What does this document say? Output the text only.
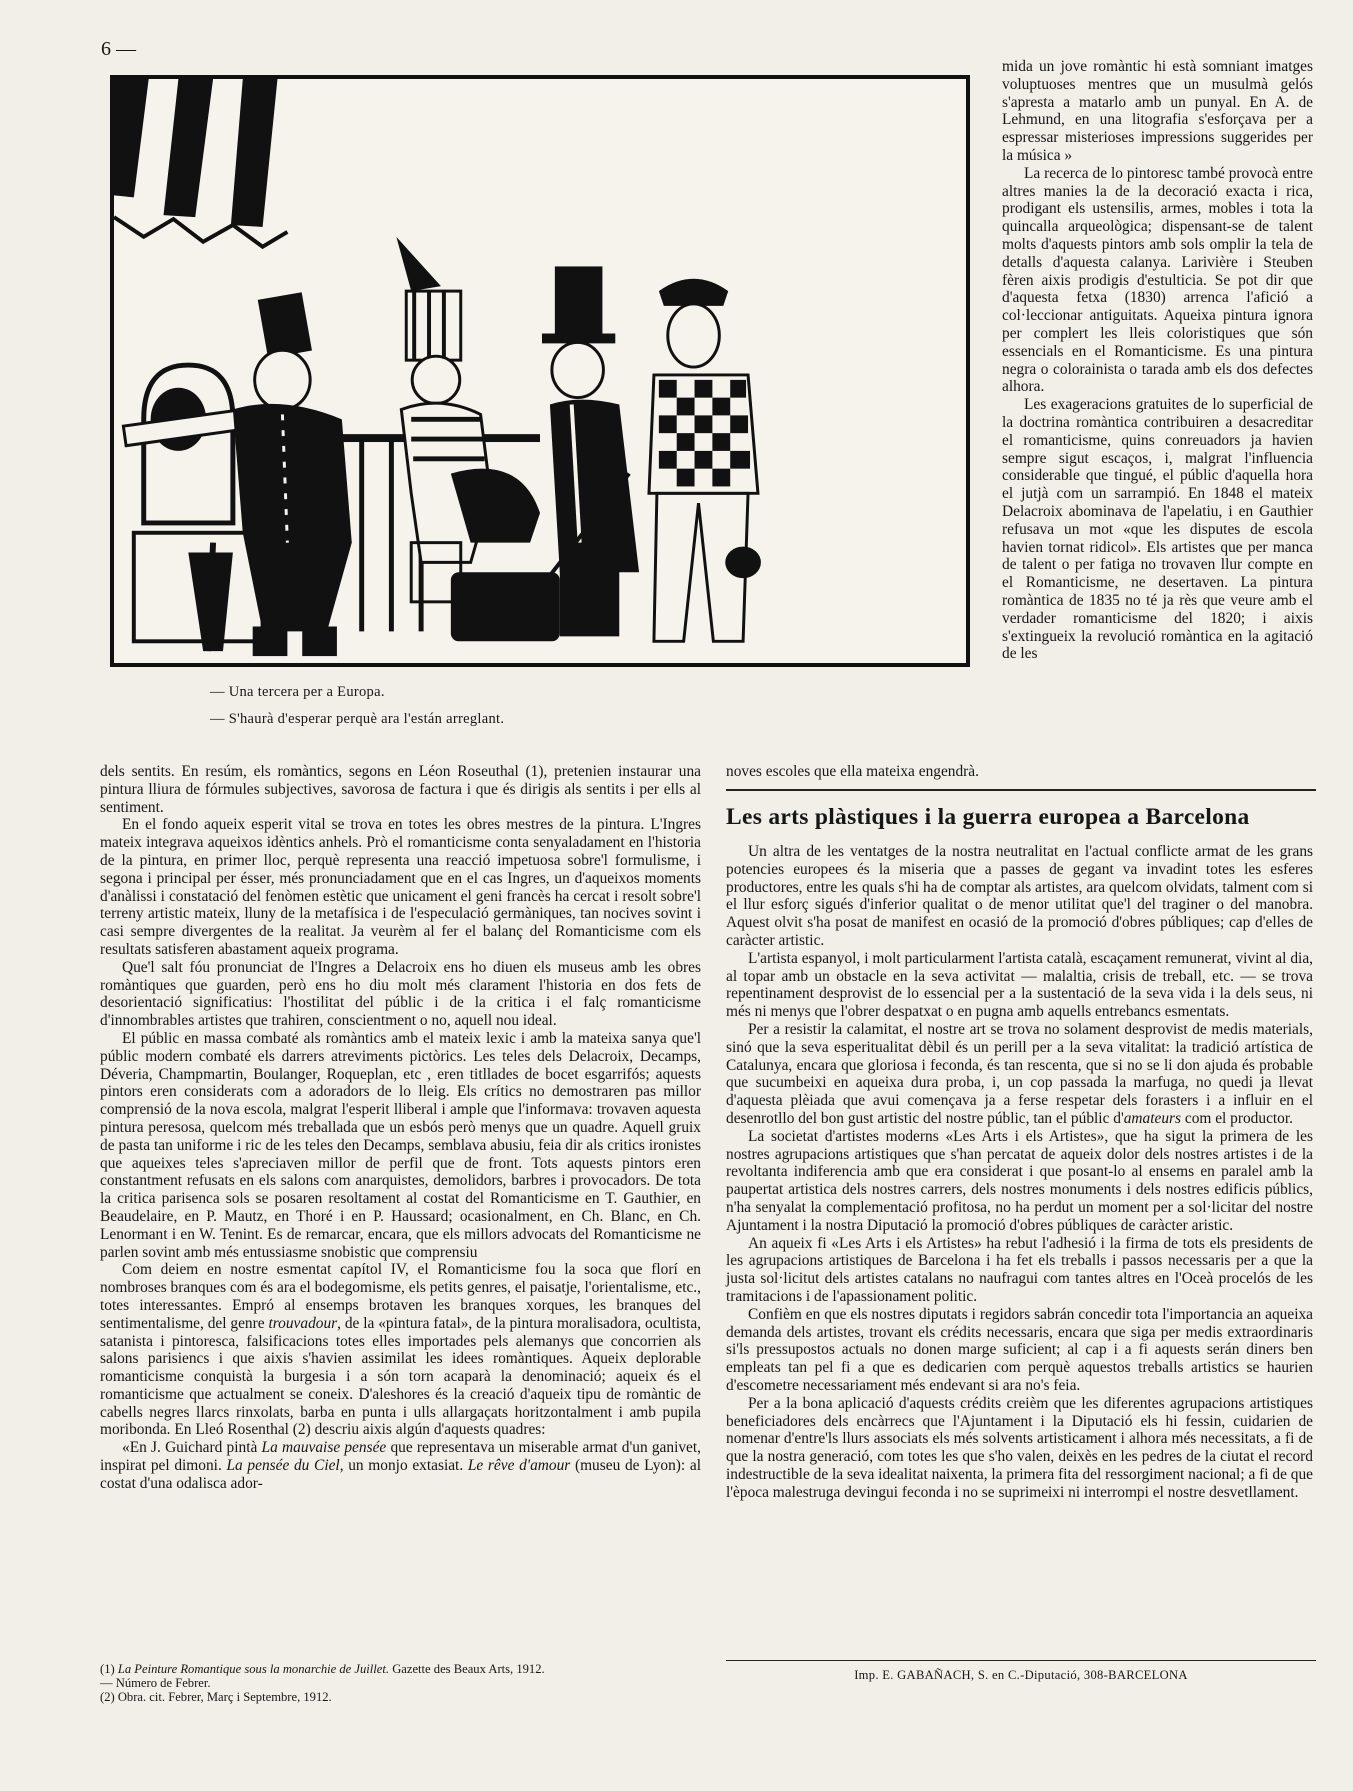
6 —
— Una tercera per a Europa.
— S'haurà d'esperar perquè ara l'están arreglant.

mida un jove romàntic hi està somniant imatges voluptuoses mentres que un musulmà gelós s'apresta a matarlo amb un punyal. En A. de Lehmund, en una litografia s'esforçava per a espressar misterioses impressions suggerides per la música »

La recerca de lo pintoresc també provocà entre altres manies la de la decoració exacta i rica, prodigant els ustensilis, armes, mobles i tota la quincalla arqueològica; dispensant-se de talent molts d'aquests pintors amb sols omplir la tela de detalls d'aquesta calanya. Larivière i Steuben fèren aixis prodigis d'estulticia. Se pot dir que d'aquesta fetxa (1830) arrenca l'afició a col·leccionar antiguitats. Aqueixa pintura ignora per complert les lleis coloristiques que són essencials en el Romanticisme. Es una pintura negra o colorainista o tarada amb els dos defectes alhora.

Les exageracions gratuites de lo superficial de la doctrina romàntica contribuiren a desacreditar el romanticisme, quins conreuadors ja havien sempre sigut escaços, i, malgrat l'influencia considerable que tingué, el públic d'aquella hora el jutjà com un sarrampió. En 1848 el mateix Delacroix abominava de l'apelatiu, i en Gauthier refusava un mot «que les disputes de escola havien tornat ridicol». Els artistes que per manca de talent o per fatiga no trovaven llur compte en el Romanticisme, ne desertaven. La pintura romàntica de 1835 no té ja rès que veure amb el verdader romanticisme del 1820; i aixis s'extingueix la revolució romàntica en la agitació de les

noves escoles que ella mateixa engendrà.

dels sentits. En resúm, els romàntics, segons en Léon Roseuthal (1), pretenien instaurar una pintura lliura de fórmules subjectives, savorosa de factura i que és dirigis als sentits i per ells al sentiment.

En el fondo aqueix esperit vital se trova en totes les obres mestres de la pintura. L'Ingres mateix integrava aqueixos idèntics anhels. Prò el romanticisme conta senyaladament en l'historia de la pintura, en primer lloc, perquè representa una reacció impetuosa sobre'l formulisme, i segona i principal per ésser, més pronunciadament que en el cas Ingres, un d'aqueixos moments d'anàlissi i constatació del fenòmen estètic que unicament el geni francès ha cercat i resolt sobre'l terreny artistic mateix, lluny de la metafísica i de l'especulació germàniques, tan nocives sovint i casi sempre divergentes de la realitat. Ja veurèm al fer el balanç del Romanticisme com els resultats satisferen abastament aqueix programa.

Que'l salt fóu pronunciat de l'Ingres a Delacroix ens ho diuen els museus amb les obres romàntiques que guarden, però ens ho diu molt més clarament l'historia en dos fets de desorientació significatius: l'hostilitat del públic i de la critica i el falç romanticisme d'innombrables artistes que trahiren, conscientment o no, aquell nou ideal.

El públic en massa combaté als romàntics amb el mateix lexic i amb la mateixa sanya que'l públic modern combaté els darrers atreviments pictòrics. Les teles dels Delacroix, Decamps, Déveria, Champmartin, Boulanger, Roqueplan, etc , eren titllades de bocet esgarrifós; aquests pintors eren considerats com a adoradors de lo lleig. Els crítics no demostraren pas millor comprensió de la nova escola, malgrat l'esperit lliberal i ample que l'informava: trovaven aquesta pintura peresosa, quelcom més treballada que un esbós però menys que un quadre. Aquell gruix de pasta tan uniforme i ric de les teles den Decamps, semblava abusiu, feia dir als critics ironistes que aqueixes teles s'apreciaven millor de perfil que de front. Tots aquests pintors eren constantment refusats en els salons com anarquistes, demolidors, barbres i provocadors. De tota la critica parisenca sols se posaren resoltament al costat del Romanticisme en T. Gauthier, en Beaudelaire, en P. Mautz, en Thoré i en P. Haussard; ocasionalment, en Ch. Blanc, en Ch. Lenormant i en W. Tenint. Es de remarcar, encara, que els millors advocats del Romanticisme ne parlen sovint amb més entussiasme snobistic que comprensiu

Com deiem en nostre esmentat capítol IV, el Romanticisme fou la soca que florí en nombroses branques com és ara el bodegomisme, els petits genres, el paisatje, l'orientalisme, etc., totes interessantes. Empró al ensemps brotaven les branques xorques, les branques del sentimentalisme, del genre trouvadour, de la «pintura fatal», de la pintura moralisadora, ocultista, satanista i pintoresca, falsificacions totes elles importades pels alemanys que concorrien als salons parisiencs i que aixis s'havien assimilat les idees romàntiques. Aqueix deplorable romanticisme conquistà la burgesia i a són torn acaparà la denominació; aqueix és el romanticisme que actualment se coneix. D'aleshores és la creació d'aqueix tipu de romàntic de cabells negres llarcs rinxolats, barba en punta i ulls allargaçats horitzontalment i amb pupila moribonda. En Lleó Rosenthal (2) descriu aixis algún d'aquests quadres:

«En J. Guichard pintà La mauvaise pensée que representava un miserable armat d'un ganivet, inspirat pel dimoni. La pensée du Ciel, un monjo extasiat. Le rêve d'amour (museu de Lyon): al costat d'una odalisca ador-

Les arts plàstiques i la guerra europea a Barcelona

Un altra de les ventatges de la nostra neutralitat en l'actual conflicte armat de les grans potencies europees és la miseria que a passes de gegant va invadint totes les esferes productores, entre les quals s'hi ha de comptar als artistes, ara quelcom olvidats, talment com si el llur esforç sigués d'inferior qualitat o de menor utilitat que'l del traginer o del manobra. Aquest olvit s'ha posat de manifest en ocasió de la promoció d'obres públiques; cap d'elles de caràcter artistic.

L'artista espanyol, i molt particularment l'artista català, escaçament remunerat, vivint al dia, al topar amb un obstacle en la seva activitat — malaltia, crisis de treball, etc. — se trova repentinament desprovist de lo essencial per a la sustentació de la seva vida i la dels seus, ni més ni menys que l'obrer despatxat o en pugna amb aquells entrebancs esmentats.

Per a resistir la calamitat, el nostre art se trova no solament desprovist de medis materials, sinó que la seva esperitualitat dèbil és un perill per a la seva vitalitat: la tradició artística de Catalunya, encara que gloriosa i feconda, és tan rescenta, que si no se li don ajuda és probable que sucumbeixi en aqueixa dura proba, i, un cop passada la marfuga, no quedi ja llevat d'aquesta plèiada que avui començava ja a ferse respetar dels forasters i a influir en el desenrotllo del bon gust artistic del nostre públic, tan el públic d'amateurs com el productor.

La societat d'artistes moderns «Les Arts i els Artistes», que ha sigut la primera de les nostres agrupacions artistiques que s'han percatat de aqueix dolor dels nostres artistes i de la revoltanta indiferencia amb que era considerat i que posant-lo al ensems en paralel amb la paupertat artistica dels nostres carrers, dels nostres monuments i dels nostres edificis públics, n'ha senyalat la complementació profitosa, no ha perdut un moment per a sol·licitar del nostre Ajuntament i la nostra Diputació la promoció d'obres públiques de caràcter aristic.

An aqueix fi «Les Arts i els Artistes» ha rebut l'adhesió i la firma de tots els presidents de les agrupacions artistiques de Barcelona i ha fet els treballs i passos necessaris per a que la justa sol·licitut dels artistes catalans no naufragui com tantes altres en l'Oceà procelós de les tramitacions i de l'apassionament politic.

Confièm en que els nostres diputats i regidors sabrán concedir tota l'importancia an aqueixa demanda dels artistes, trovant els crédits necessaris, encara que siga per medis extraordinaris si'ls pressupostos actuals no donen marge suficient; al cap i a fi aquests serán diners ben empleats tan pel fi a que es dedicarien com perquè aquestos treballs artistics se haurien d'escometre necessariament més endevant si ara no's feia.

Per a la bona aplicació d'aquests crédits creièm que les diferentes agrupacions artistiques beneficiadores dels encàrrecs que l'Ajuntament i la Diputació els hi fessin, cuidarien de nomenar d'entre'ls llurs associats els més solvents artisticament i alhora més necessitats, a fi de que la nostra generació, com totes les que s'ho valen, deixès en les pedres de la ciutat el record indestructible de la seva idealitat naixenta, la primera fita del ressorgiment nacional; a fi de que l'època malestruga devingui feconda i no se suprimeixi ni interrompi el nostre desvetllament.

(1) La Peinture Romantique sous la monarchie de Juillet. Gazette des Beaux Arts, 1912.

— Número de Febrer.

(2) Obra. cit. Febrer, Març i Septembre, 1912.

Imp. E. GABAÑACH, S. en C.-Diputació, 308-BARCELONA
